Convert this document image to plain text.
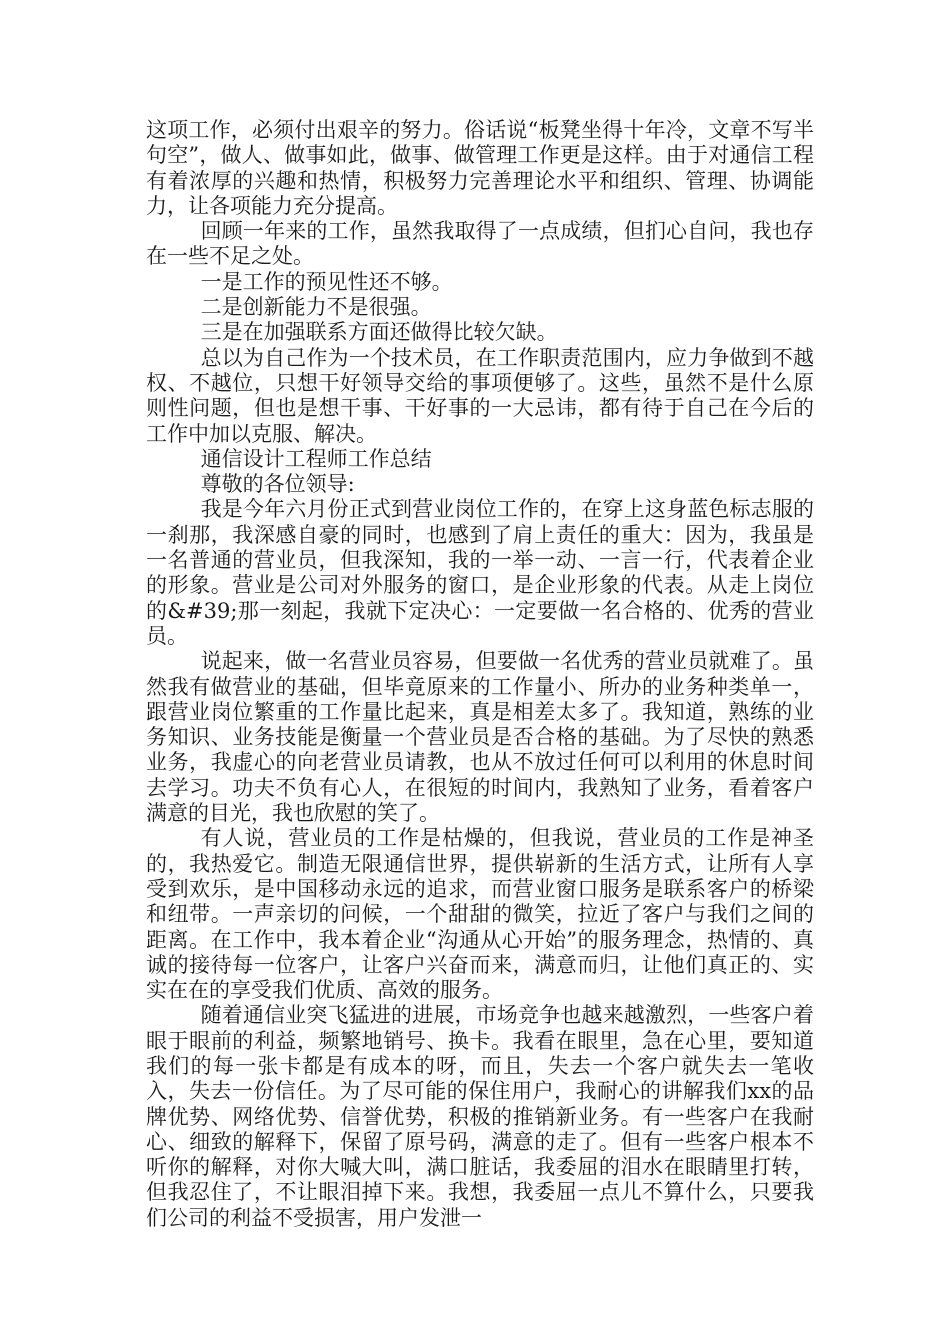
这项工作，必须付出艰辛的努力。俗话说“板凳坐得十年冷，文章不写半句空”，做人、做事如此，做事、做管理工作更是这样。由于对通信工程有着浓厚的兴趣和热情，积极努力完善理论水平和组织、管理、协调能力，让各项能力充分提高。

回顾一年来的工作，虽然我取得了一点成绩，但扪心自问，我也存在一些不足之处。

一是工作的预见性还不够。

二是创新能力不是很强。

三是在加强联系方面还做得比较欠缺。

总以为自己作为一个技术员，在工作职责范围内，应力争做到不越权、不越位，只想干好领导交给的事项便够了。这些，虽然不是什么原则性问题，但也是想干事、干好事的一大忌讳，都有待于自己在今后的工作中加以克服、解决。

通信设计工程师工作总结

尊敬的各位领导:

我是今年六月份正式到营业岗位工作的，在穿上这身蓝色标志服的一刹那，我深感自豪的同时，也感到了肩上责任的重大：因为，我虽是一名普通的营业员，但我深知，我的一举一动、一言一行，代表着企业的形象。营业是公司对外服务的窗口，是企业形象的代表。从走上岗位的&#39;那一刻起，我就下定决心：一定要做一名合格的、优秀的营业员。

说起来，做一名营业员容易，但要做一名优秀的营业员就难了。虽然我有做营业的基础，但毕竟原来的工作量小、所办的业务种类单一，跟营业岗位繁重的工作量比起来，真是相差太多了。我知道，熟练的业务知识、业务技能是衡量一个营业员是否合格的基础。为了尽快的熟悉业务，我虚心的向老营业员请教，也从不放过任何可以利用的休息时间去学习。功夫不负有心人，在很短的时间内，我熟知了业务，看着客户满意的目光，我也欣慰的笑了。

有人说，营业员的工作是枯燥的，但我说，营业员的工作是神圣的，我热爱它。制造无限通信世界，提供崭新的生活方式，让所有人享受到欢乐，是中国移动永远的追求，而营业窗口服务是联系客户的桥梁和纽带。一声亲切的问候，一个甜甜的微笑，拉近了客户与我们之间的距离。在工作中，我本着企业“沟通从心开始”的服务理念，热情的、真诚的接待每一位客户，让客户兴奋而来，满意而归，让他们真正的、实实在在的享受我们优质、高效的服务。

随着通信业突飞猛进的进展，市场竞争也越来越激烈，一些客户着眼于眼前的利益，频繁地销号、换卡。我看在眼里，急在心里，要知道我们的每一张卡都是有成本的呀，而且，失去一个客户就失去一笔收入，失去一份信任。为了尽可能的保住用户，我耐心的讲解我们xx的品牌优势、网络优势、信誉优势，积极的推销新业务。有一些客户在我耐心、细致的解释下，保留了原号码，满意的走了。但有一些客户根本不听你的解释，对你大喊大叫，满口脏话，我委屈的泪水在眼睛里打转，但我忍住了，不让眼泪掉下来。我想，我委屈一点儿不算什么，只要我们公司的利益不受损害，用户发泄一
